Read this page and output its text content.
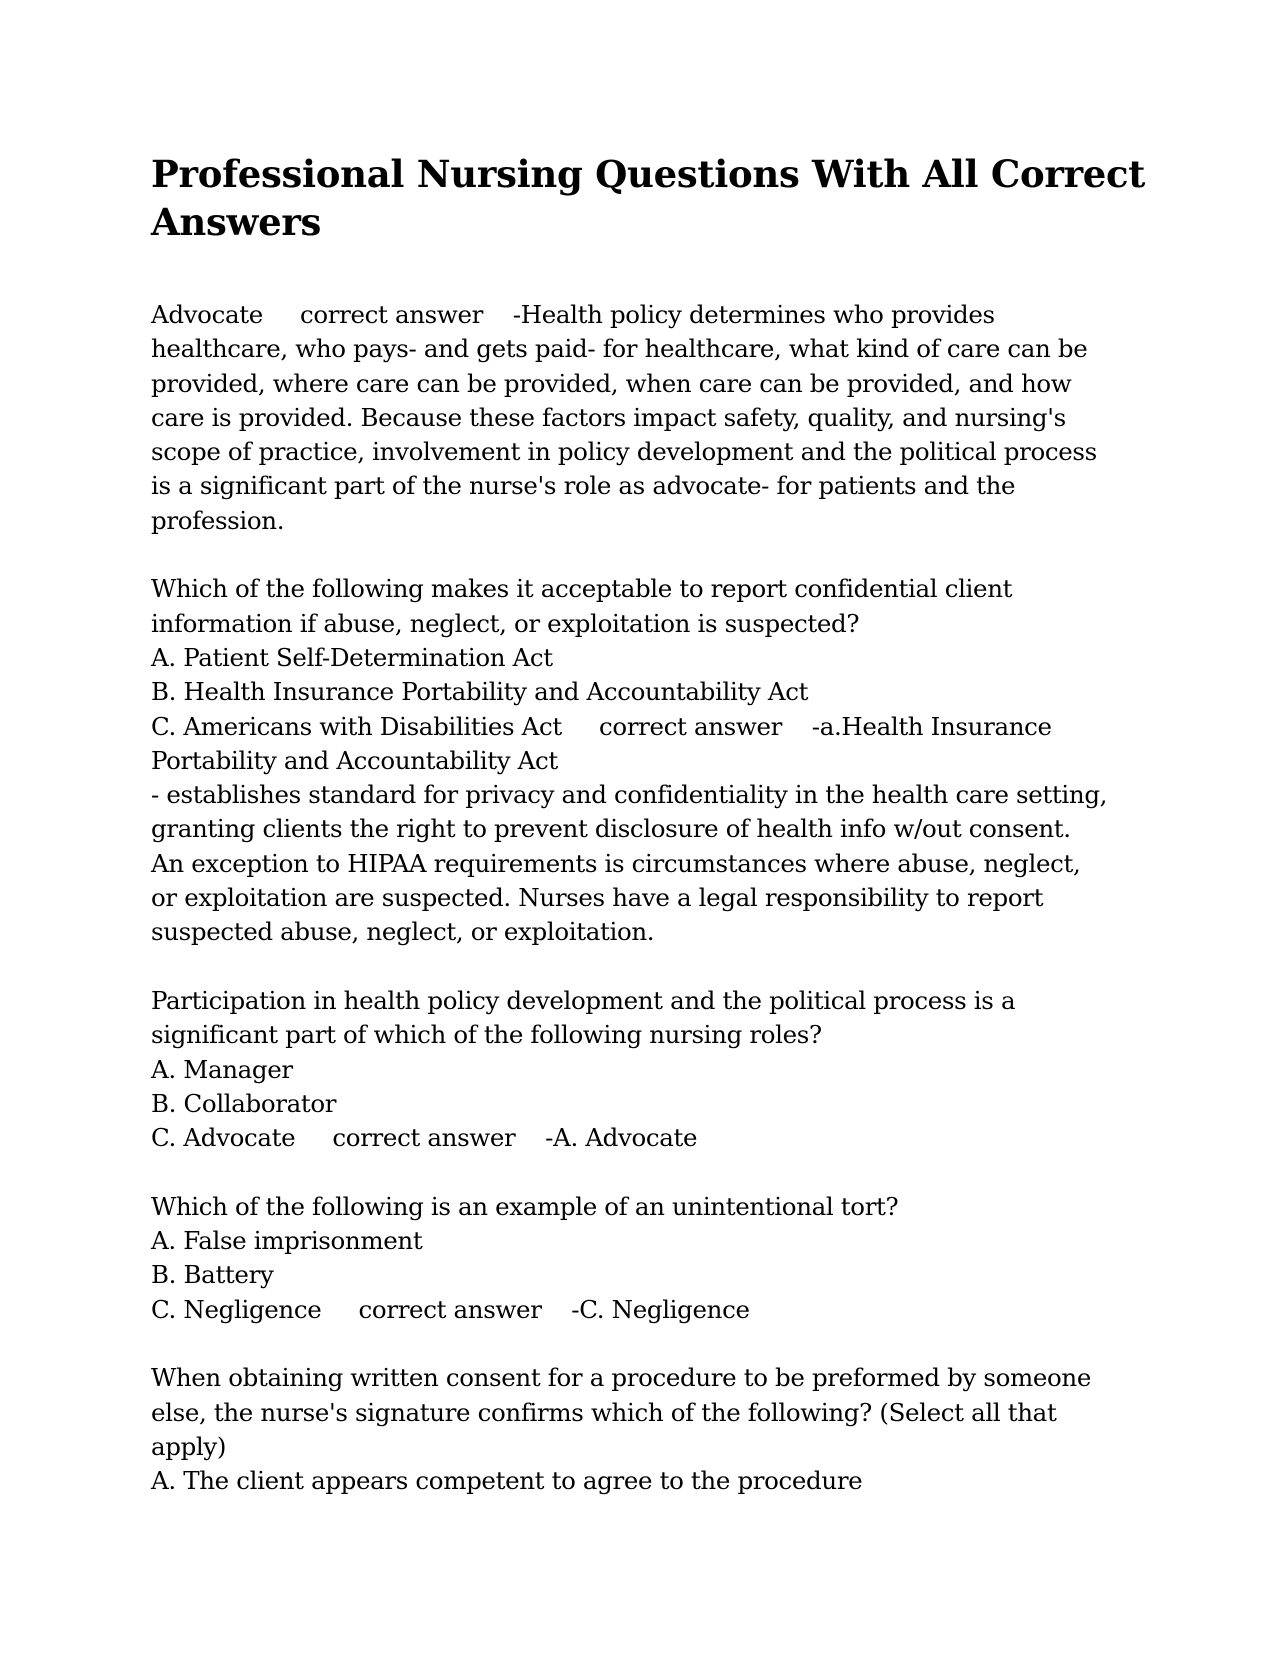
Professional Nursing Questions With All Correct
Answers
Advocate     correct answer    -Health policy determines who provides
healthcare, who pays- and gets paid- for healthcare, what kind of care can be
provided, where care can be provided, when care can be provided, and how
care is provided. Because these factors impact safety, quality, and nursing's
scope of practice, involvement in policy development and the political process
is a significant part of the nurse's role as advocate- for patients and the
profession.
Which of the following makes it acceptable to report confidential client
information if abuse, neglect, or exploitation is suspected?
A. Patient Self-Determination Act
B. Health Insurance Portability and Accountability Act
C. Americans with Disabilities Act     correct answer    -a.Health Insurance
Portability and Accountability Act
- establishes standard for privacy and confidentiality in the health care setting,
granting clients the right to prevent disclosure of health info w/out consent.
An exception to HIPAA requirements is circumstances where abuse, neglect,
or exploitation are suspected. Nurses have a legal responsibility to report
suspected abuse, neglect, or exploitation.
Participation in health policy development and the political process is a
significant part of which of the following nursing roles?
A. Manager
B. Collaborator
C. Advocate     correct answer    -A. Advocate
Which of the following is an example of an unintentional tort?
A. False imprisonment
B. Battery
C. Negligence     correct answer    -C. Negligence
When obtaining written consent for a procedure to be preformed by someone
else, the nurse's signature confirms which of the following? (Select all that
apply)
A. The client appears competent to agree to the procedure
